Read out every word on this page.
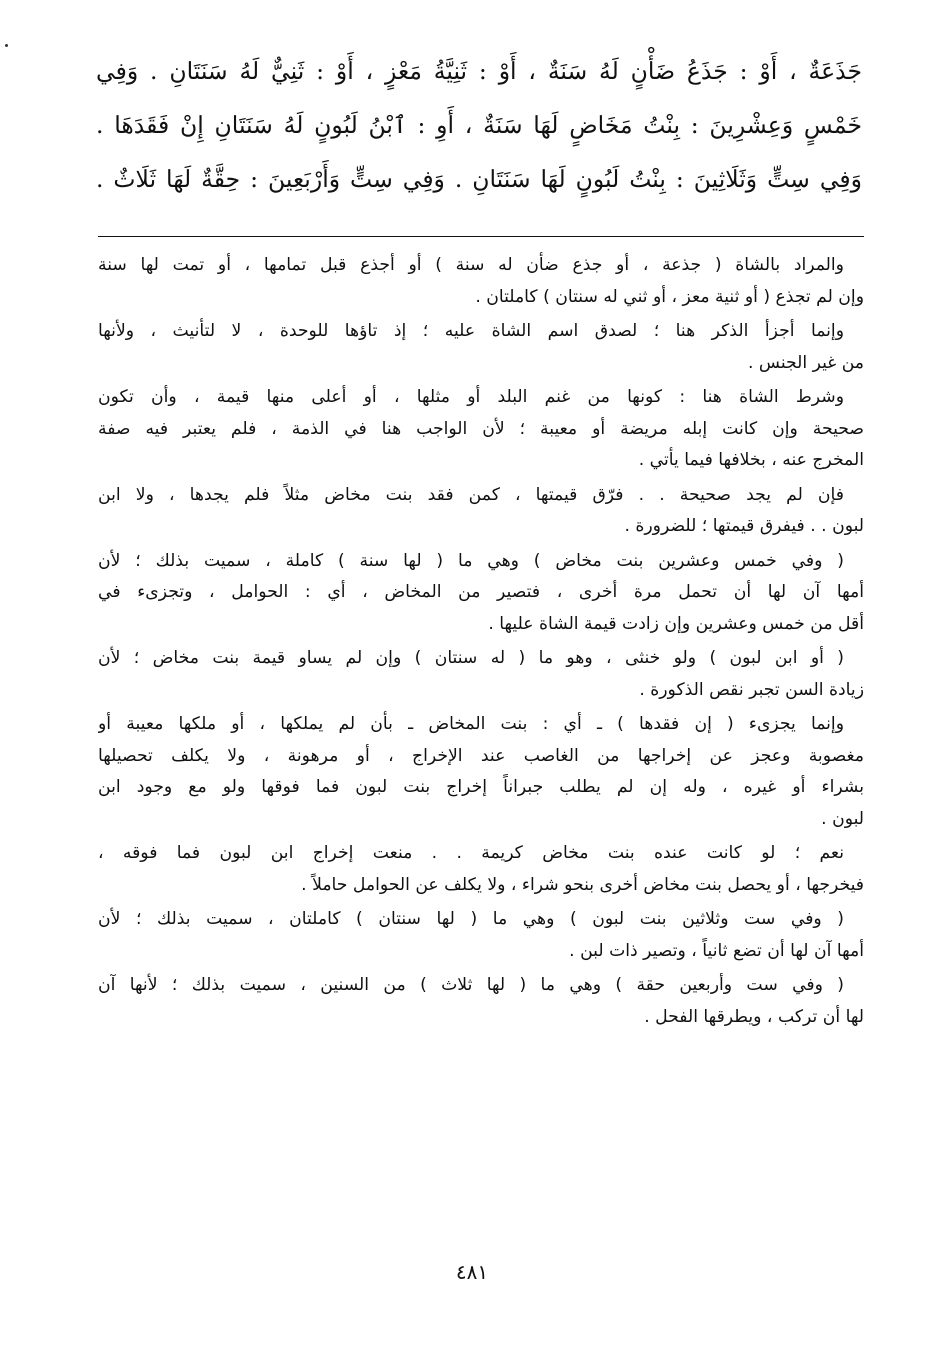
جَذَعَةٌ ، أَوْ : جَذَعُ ضَأْنٍ لَهُ سَنَةٌ ، أَوْ : ثَنِيَّةُ مَعْزٍ ، أَوْ : ثَنِيٌّ لَهُ سَنَتَانِ . وَفِي

خَمْسٍ وَعِشْرِينَ : بِنْتُ مَخَاضٍ لَهَا سَنَةٌ ، أَوِ : ٱبْنُ لَبُونٍ لَهُ سَنَتَانِ إِنْ فَقَدَهَا .

وَفِي سِتٍّ وَثَلَاثِينَ : بِنْتُ لَبُونٍ لَهَا سَنَتَانِ . وَفِي سِتٍّ وَأَرْبَعِينَ : حِقَّةٌ لَهَا ثَلَاثٌ .

والمراد بالشاة ( جذعة ، أو جذع ضأن له سنة ) أو أجذع قبل تمامها ، أو تمت لها سنة
وإن لم تجذع ( أو ثنية معز ، أو ثني له سنتان ) كاملتان .

وإنما أجزأ الذكر هنا ؛ لصدق اسم الشاة عليه ؛ إذ تاؤها للوحدة ، لا لتأنيث ، ولأنها
من غير الجنس .

وشرط الشاة هنا : كونها من غنم البلد أو مثلها ، أو أعلى منها قيمة ، وأن تكون
صحيحة وإن كانت إبله مريضة أو معيبة ؛ لأن الواجب هنا في الذمة ، فلم يعتبر فيه صفة
المخرج عنه ، بخلافها فيما يأتي .

فإن لم يجد صحيحة . . فرّق قيمتها ، كمن فقد بنت مخاض مثلاً فلم يجدها ، ولا ابن
لبون . . فيفرق قيمتها ؛ للضرورة .

( وفي خمس وعشرين بنت مخاض ) وهي ما ( لها سنة ) كاملة ، سميت بذلك ؛ لأن
أمها آن لها أن تحمل مرة أخرى ، فتصير من المخاض ، أي : الحوامل ، وتجزىء في
أقل من خمس وعشرين وإن زادت قيمة الشاة عليها .

( أو ابن لبون ) ولو خنثى ، وهو ما ( له سنتان ) وإن لم يساو قيمة بنت مخاض ؛ لأن
زيادة السن تجبر نقص الذكورة .

وإنما يجزىء ( إن فقدها ) ـ أي : بنت المخاض ـ بأن لم يملكها ، أو ملكها معيبة أو
مغصوبة وعجز عن إخراجها من الغاصب عند الإخراج ، أو مرهونة ، ولا يكلف تحصيلها
بشراء أو غيره ، وله إن لم يطلب جبراناً إخراج بنت لبون فما فوقها ولو مع وجود ابن
لبون .

نعم ؛ لو كانت عنده بنت مخاض كريمة . . منعت إخراج ابن لبون فما فوقه ،
فيخرجها ، أو يحصل بنت مخاض أخرى بنحو شراء ، ولا يكلف عن الحوامل حاملاً .

( وفي ست وثلاثين بنت لبون ) وهي ما ( لها سنتان ) كاملتان ، سميت بذلك ؛ لأن
أمها آن لها أن تضع ثانياً ، وتصير ذات لبن .

( وفي ست وأربعين حقة ) وهي ما ( لها ثلاث ) من السنين ، سميت بذلك ؛ لأنها آن
لها أن تركب ، ويطرقها الفحل .

٤٨١
